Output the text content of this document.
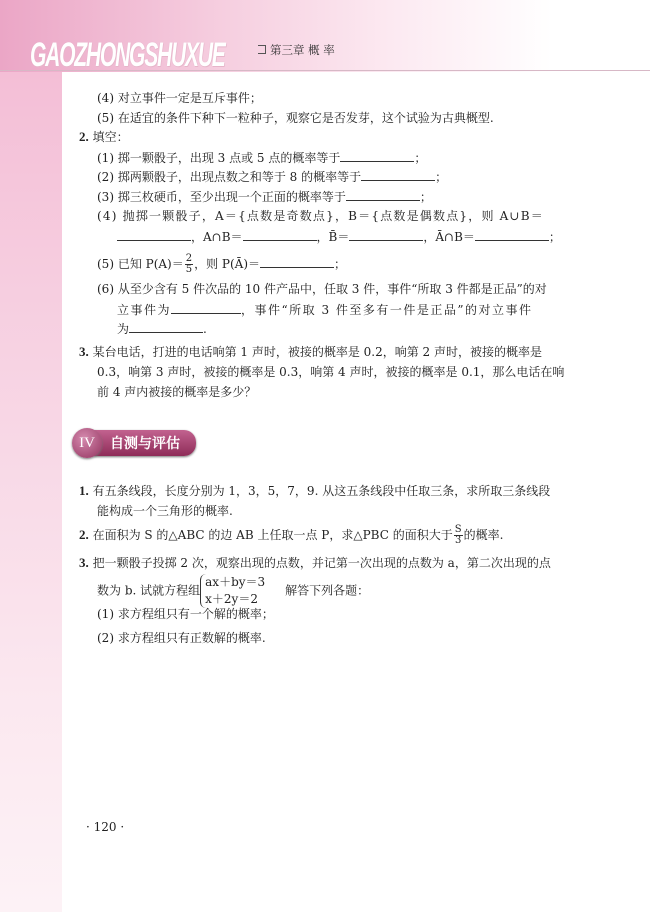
GAOZHONGSHUXUE	第三章 概 率
(4) 对立事件一定是互斥事件；
(5) 在适宜的条件下种下一粒种子，观察它是否发芽，这个试验为古典概型.
2. 填空：
(1) 掷一颗骰子，出现 3 点或 5 点的概率等于	；
(2) 掷两颗骰子，出现点数之和等于 8 的概率等于	；
(3) 掷三枚硬币，至少出现一个正面的概率等于	；
(4) 抛掷一颗骰子，A＝{点数是奇数点}，B＝{点数是偶数点}，则 A∪B＝
，A∩B＝	，B̄＝	，Ā∩B＝	；
(5) 已知 $P(A)= \frac{2}{5}$ ，则 P(Ā)＝	；
(6) 从至少含有 5 件次品的 10 件产品中，任取 3 件，事件“所取 3 件都是正品”的对
立事件为	，事件“所取 3 件至多有一件是正品”的对立事件
为	.
3. 某台电话，打进的电话响第 1 声时，被接的概率是 0.2，响第 2 声时，被接的概率是
0.3，响第 3 声时，被接的概率是 0.3，响第 4 声时，被接的概率是 0.1，那么电话在响
前 4 声内被接的概率是多少？
IV	自测与评估
1. 有五条线段，长度分别为 1，3，5，7，9. 从这五条线段中任取三条，求所取三条线段
能构成一个三角形的概率.
2. 在面积为 S 的△ABC 的边 AB 上任取一点 P，求△PBC 的面积大于 $\frac{S}{3}$ 的概率.
3. 把一颗骰子投掷 2 次，观察出现的点数，并记第一次出现的点数为 a，第二次出现的点
数为 b. 试就方程组
ax＋by＝3
x＋2y＝2
解答下列各题：
(1) 求方程组只有一个解的概率；
(2) 求方程组只有正数解的概率.
· 120 ·
